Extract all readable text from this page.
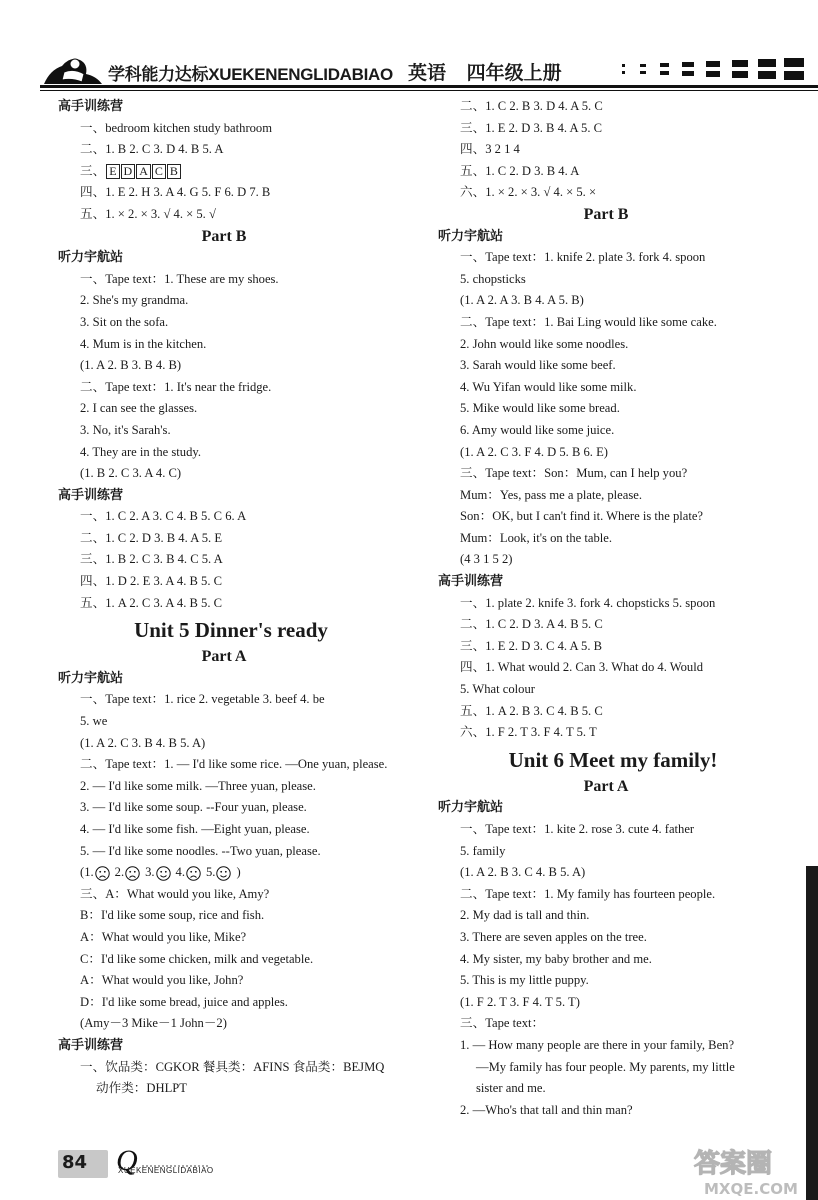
学科能力达标XUEKENENGLIDABIAO 英语 四年级上册
高手训练营
一、bedroom kitchen study bathroom
二、1. B 2. C 3. D 4. B 5. A
三、 E D A C B
四、1. E 2. H 3. A 4. G 5. F 6. D 7. B
五、1. × 2. × 3. √ 4. × 5. √
Part B
听力宇航站
一、Tape text：1. These are my shoes.
2. She's my grandma.
3. Sit on the sofa.
4. Mum is in the kitchen.
(1. A 2. B 3. B 4. B)
二、Tape text：1. It's near the fridge.
2. I can see the glasses.
3. No, it's Sarah's.
4. They are in the study.
(1. B 2. C 3. A 4. C)
高手训练营
一、1. C 2. A 3. C 4. B 5. C 6. A
二、1. C 2. D 3. B 4. A 5. E
三、1. B 2. C 3. B 4. C 5. A
四、1. D 2. E 3. A 4. B 5. C
五、1. A 2. C 3. A 4. B 5. C
Unit 5 Dinner's ready
Part A
听力宇航站
一、Tape text：1. rice 2. vegetable 3. beef 4. be
5. we
(1. A 2. C 3. B 4. B 5. A)
二、Tape text：1. — I'd like some rice. —One yuan, please.
2. — I'd like some milk. —Three yuan, please.
3. — I'd like some soup. --Four yuan, please.
4. — I'd like some fish. —Eight yuan, please.
5. — I'd like some noodles. --Two yuan, please.
(1. 2. 3. 4. 5. )
三、A：What would you like, Amy?
B：I'd like some soup, rice and fish.
A：What would you like, Mike?
C：I'd like some chicken, milk and vegetable.
A：What would you like, John?
D：I'd like some bread, juice and apples.
(Amy－3 Mike－1 John－2)
高手训练营
一、饮品类：CGKOR 餐具类：AFINS 食品类：BEJMQ
动作类：DHLPT
二、1. C 2. B 3. D 4. A 5. C
三、1. E 2. D 3. B 4. A 5. C
四、3 2 1 4
五、1. C 2. D 3. B 4. A
六、1. × 2. × 3. √ 4. × 5. ×
Part B
听力宇航站
一、Tape text：1. knife 2. plate 3. fork 4. spoon
5. chopsticks
(1. A 2. A 3. B 4. A 5. B)
二、Tape text：1. Bai Ling would like some cake.
2. John would like some noodles.
3. Sarah would like some beef.
4. Wu Yifan would like some milk.
5. Mike would like some bread.
6. Amy would like some juice.
(1. A 2. C 3. F 4. D 5. B 6. E)
三、Tape text：Son：Mum, can I help you?
Mum：Yes, pass me a plate, please.
Son：OK, but I can't find it. Where is the plate?
Mum：Look, it's on the table.
(4 3 1 5 2)
高手训练营
一、1. plate 2. knife 3. fork 4. chopsticks 5. spoon
二、1. C 2. D 3. A 4. B 5. C
三、1. E 2. D 3. C 4. A 5. B
四、1. What would 2. Can 3. What do 4. Would
5. What colour
五、1. A 2. B 3. C 4. B 5. C
六、1. F 2. T 3. F 4. T 5. T
Unit 6 Meet my family!
Part A
听力宇航站
一、Tape text：1. kite 2. rose 3. cute 4. father
5. family
(1. A 2. B 3. C 4. B 5. A)
二、Tape text：1. My family has fourteen people.
2. My dad is tall and thin.
3. There are seven apples on the tree.
4. My sister, my baby brother and me.
5. This is my little puppy.
(1. F 2. T 3. F 4. T 5. T)
三、Tape text：
1. — How many people are there in your family, Ben?
—My family has four people. My parents, my little
sister and me.
2. —Who's that tall and thin man?
84 Q
XUEKENENGLIDABIAO	答案圈
MXQE.COM
